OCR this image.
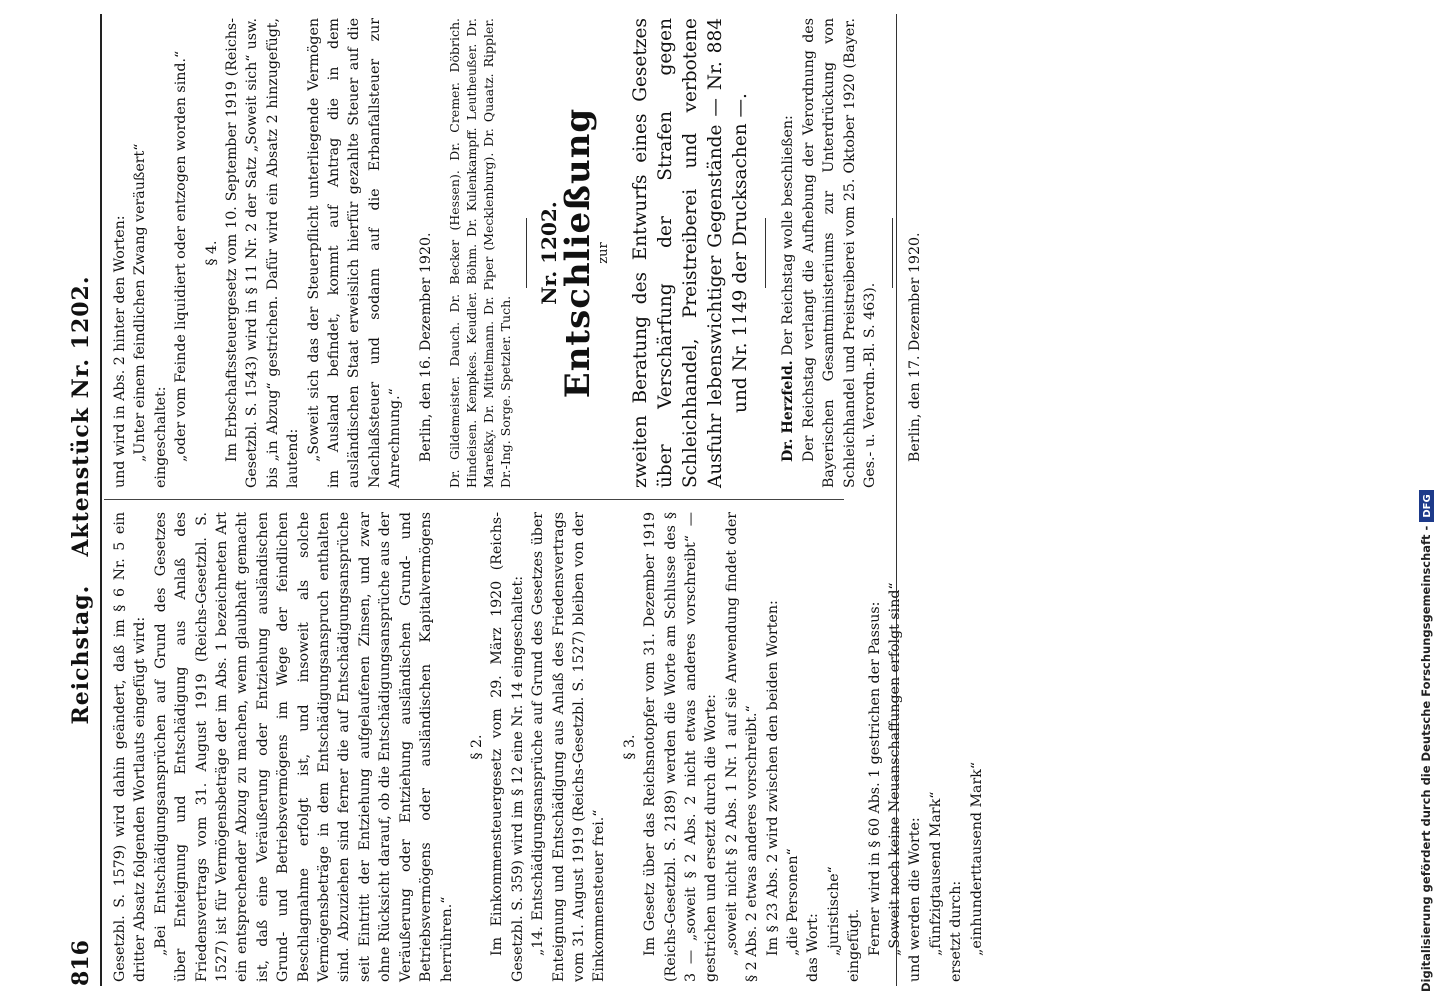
816
Reichstag.Aktenstück Nr. 1202.

Gesetzbl. S. 1579) wird dahin geändert, daß im § 6 Nr. 5 ein dritter Absatz folgenden Wortlauts eingefügt wird: „Bei Entschädigungsansprüchen auf Grund des Gesetzes über Enteignung und Entschädigung aus Anlaß des Friedensvertrags vom 31. August 1919 (Reichs-Gesetzbl. S. 1527) ist für Vermögensbeträge der im Abs. 1 bezeichneten Art ein entsprechender Abzug zu machen, wenn glaubhaft gemacht ist, daß eine Veräußerung oder Entziehung ausländischen Grund- und Betriebsvermögens im Wege der feindlichen Beschlagnahme erfolgt ist, und insoweit als solche Vermögensbeträge in dem Entschädigungsanspruch enthalten sind. Abzuziehen sind ferner die auf Entschädigungsansprüche seit Eintritt der Entziehung aufgelaufenen Zinsen, und zwar ohne Rücksicht darauf, ob die Entschädigungsansprüche aus der Veräußerung oder Entziehung ausländischen Grund- und Betriebsvermögens oder ausländischen Kapitalvermögens herrühren.“

§ 2. Im Einkommensteuergesetz vom 29. März 1920 (Reichs-Gesetzbl. S. 359) wird im § 12 eine Nr. 14 eingeschaltet: „14. Entschädigungsansprüche auf Grund des Gesetzes über Enteignung und Entschädigung aus Anlaß des Friedensvertrags vom 31. August 1919 (Reichs-Gesetzbl. S. 1527) bleiben von der Einkommensteuer frei.“

§ 3. Im Gesetz über das Reichsnotopfer vom 31. Dezember 1919 (Reichs-Gesetzbl. S. 2189) werden die Worte am Schlusse des § 3 — „soweit § 2 Abs. 2 nicht etwas anderes vorschreibt“ — gestrichen und ersetzt durch die Worte: „soweit nicht § 2 Abs. 1 Nr. 1 auf sie Anwendung findet oder § 2 Abs. 2 etwas anderes vorschreibt.“ Im § 23 Abs. 2 wird zwischen den beiden Worten: „die Personen“ das Wort: „juristische“ eingefügt. Ferner wird in § 60 Abs. 1 gestrichen der Passus: „Soweit noch keine Neuanschaffungen erfolgt sind“ und werden die Worte: „fünfzigtausend Mark“ ersetzt durch: „einhunderttausend Mark“

und wird in Abs. 2 hinter den Worten: „Unter einem feindlichen Zwang veräußert“ eingeschaltet: „oder vom Feinde liquidiert oder entzogen worden sind.“ § 4. Im Erbschaftssteuergesetz vom 10. September 1919 (Reichs-Gesetzbl. S. 1543) wird in § 11 Nr. 2 der Satz „Soweit sich“ usw. bis „in Abzug“ gestrichen. Dafür wird ein Absatz 2 hinzugefügt, lautend: „Soweit sich das der Steuerpflicht unterliegende Vermögen im Ausland befindet, kommt auf Antrag die in dem ausländischen Staat erweislich hierfür gezahlte Steuer auf die Nachlaßsteuer und sodann auf die Erbanfallsteuer zur Anrechnung.“ Berlin, den 16. Dezember 1920. Dr. Gildemeister. Dauch. Dr. Becker (Hessen). Dr. Cremer. Döbrich. Hindeisen. Kempkes. Keudler. Böhm. Dr. Kulenkampff. Leutheußer. Dr. Mareßky. Dr. Mittelmann. Dr. Piper (Mecklenburg). Dr. Quaatz. Rippler. Dr.-Ing. Sorge. Spetzler. Tuch.

Nr. 1202.
Entschließung
zur zweiten Beratung des Entwurfs eines Gesetzes über Verschärfung der Strafen gegen Schleichhandel, Preistreiberei und verbotene Ausfuhr lebenswichtiger Gegenstände — Nr. 884 und Nr. 1149 der Drucksachen —. Dr. Herzfeld. Der Reichstag wolle beschließen: Der Reichstag verlangt die Aufhebung der Verordnung des Bayerischen Gesamtministeriums zur Unterdrückung von Schleichhandel und Preistreiberei vom 25. Oktober 1920 (Bayer. Ges.- u. Verordn.-Bl. S. 463). Berlin, den 17. Dezember 1920.

Digitalisierung gefördert durch die Deutsche Forschungsgemeinschaft -DFG
